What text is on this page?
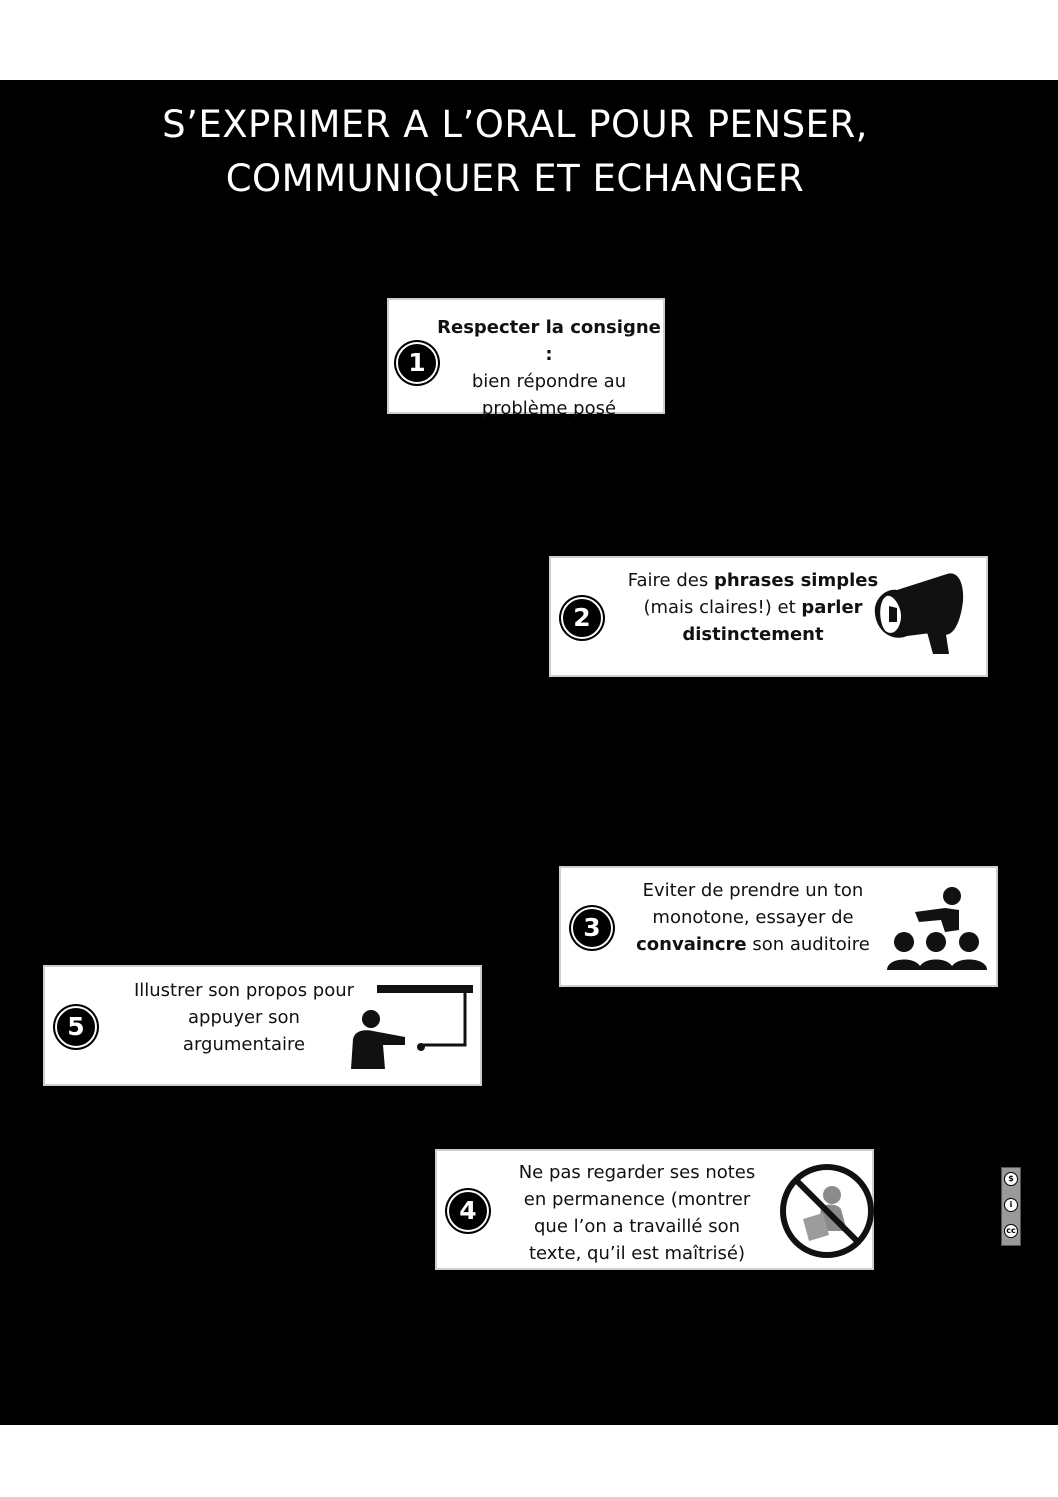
S’EXPRIMER A L’ORAL POUR PENSER,
COMMUNIQUER ET ECHANGER
1
Respecter la consigne :
bien répondre au
problème posé
2
Faire des phrases simples
(mais claires!) et parler
distinctement
3
Eviter de prendre un ton
monotone, essayer de
convaincre son auditoire
5
Illustrer son propos pour
appuyer son
argumentaire
4
Ne pas regarder ses notes
en permanence (montrer
que l’on a travaillé son
texte, qu’il est maîtrisé)
$
i
cc
